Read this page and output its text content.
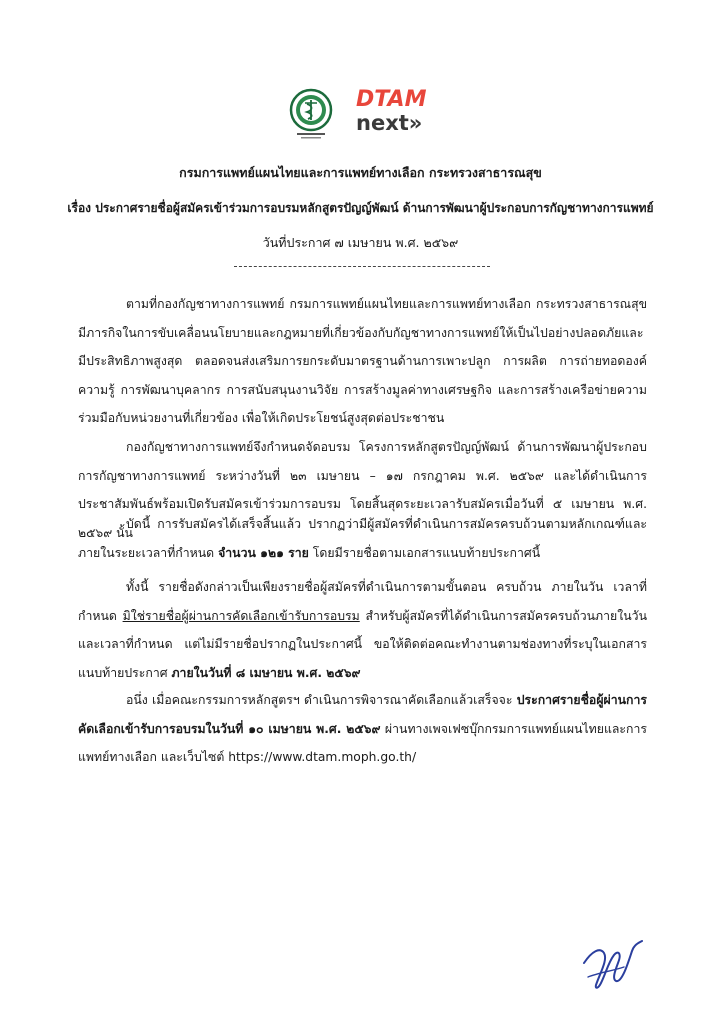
DTAM
next»
กรมการแพทย์แผนไทยและการแพทย์ทางเลือก กระทรวงสาธารณสุข
เรื่อง ประกาศรายชื่อผู้สมัครเข้าร่วมการอบรมหลักสูตรปัญญ์พัฒน์ ด้านการพัฒนาผู้ประกอบการกัญชาทางการแพทย์
วันที่ประกาศ ๗ เมษายน พ.ศ. ๒๕๖๙

ตามที่กองกัญชาทางการแพทย์ กรมการแพทย์แผนไทยและการแพทย์ทางเลือก กระทรวงสาธารณสุข มีภารกิจในการขับเคลื่อนนโยบายและกฎหมายที่เกี่ยวข้องกับกัญชาทางการแพทย์ให้เป็นไปอย่างปลอดภัยและมีประสิทธิภาพสูงสุด ตลอดจนส่งเสริมการยกระดับมาตรฐานด้านการเพาะปลูก การผลิต การถ่ายทอดองค์ความรู้ การพัฒนาบุคลากร การสนับสนุนงานวิจัย การสร้างมูลค่าทางเศรษฐกิจ และการสร้างเครือข่ายความร่วมมือกับหน่วยงานที่เกี่ยวข้อง เพื่อให้เกิดประโยชน์สูงสุดต่อประชาชน

กองกัญชาทางการแพทย์จึงกำหนดจัดอบรม โครงการหลักสูตรปัญญ์พัฒน์ ด้านการพัฒนาผู้ประกอบการกัญชาทางการแพทย์ ระหว่างวันที่ ๒๓ เมษายน – ๑๗ กรกฎาคม พ.ศ. ๒๕๖๙ และได้ดำเนินการประชาสัมพันธ์พร้อมเปิดรับสมัครเข้าร่วมการอบรม โดยสิ้นสุดระยะเวลารับสมัครเมื่อวันที่ ๕ เมษายน พ.ศ. ๒๕๖๙ นั้น

บัดนี้ การรับสมัครได้เสร็จสิ้นแล้ว ปรากฏว่ามีผู้สมัครที่ดำเนินการสมัครครบถ้วนตามหลักเกณฑ์และภายในระยะเวลาที่กำหนด จำนวน ๑๒๑ ราย โดยมีรายชื่อตามเอกสารแนบท้ายประกาศนี้

ทั้งนี้ รายชื่อดังกล่าวเป็นเพียงรายชื่อผู้สมัครที่ดำเนินการตามขั้นตอน ครบถ้วน ภายในวัน เวลาที่กำหนด มิใช่รายชื่อผู้ผ่านการคัดเลือกเข้ารับการอบรม สำหรับผู้สมัครที่ได้ดำเนินการสมัครครบถ้วนภายในวันและเวลาที่กำหนด แต่ไม่มีรายชื่อปรากฏในประกาศนี้ ขอให้ติดต่อคณะทำงานตามช่องทางที่ระบุในเอกสารแนบท้ายประกาศ ภายในวันที่ ๘ เมษายน พ.ศ. ๒๕๖๙

อนึ่ง เมื่อคณะกรรมการหลักสูตรฯ ดำเนินการพิจารณาคัดเลือกแล้วเสร็จจะ ประกาศรายชื่อผู้ผ่านการคัดเลือกเข้ารับการอบรมในวันที่ ๑๐ เมษายน พ.ศ. ๒๕๖๙ ผ่านทางเพจเฟซบุ๊กกรมการแพทย์แผนไทยและการแพทย์ทางเลือก และเว็บไซต์ https://www.dtam.moph.go.th/
